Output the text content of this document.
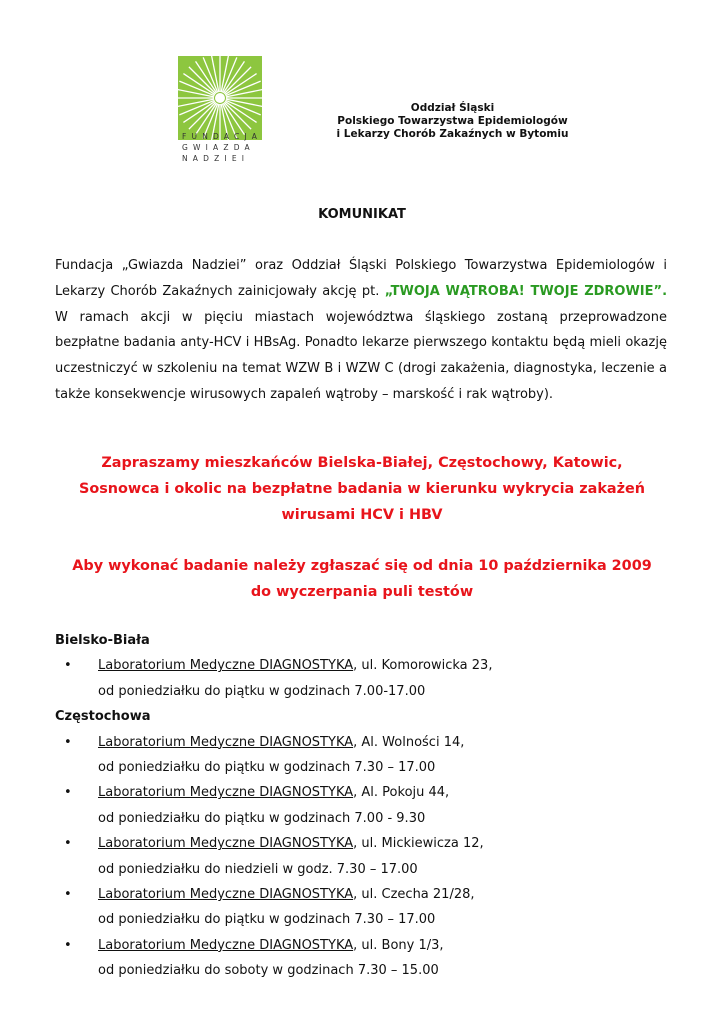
FUNDACJA
GWIAZDA
NADZIEI
Oddział Śląski
Polskiego Towarzystwa Epidemiologów
i Lekarzy Chorób Zakaźnych w Bytomiu
KOMUNIKAT
Fundacja „Gwiazda Nadziei” oraz Oddział Śląski Polskiego Towarzystwa Epidemiologów i Lekarzy Chorób Zakaźnych zainicjowały akcję pt. „TWOJA WĄTROBA! TWOJE ZDROWIE”. W ramach akcji w pięciu miastach województwa śląskiego zostaną przeprowadzone bezpłatne badania anty-HCV i HBsAg. Ponadto lekarze pierwszego kontaktu będą mieli okazję uczestniczyć w szkoleniu na temat WZW B i WZW C (drogi zakażenia, diagnostyka, leczenie a także konsekwencje wirusowych zapaleń wątroby – marskość i rak wątroby).
Zapraszamy mieszkańców Bielska-Białej, Częstochowy, Katowic, Sosnowca i okolic na bezpłatne badania w kierunku wykrycia zakażeń wirusami HCV i HBV
Aby wykonać badanie należy zgłaszać się od dnia 10 października 2009
do wyczerpania puli testów
Bielsko-Biała
• Laboratorium Medyczne DIAGNOSTYKA, ul. Komorowicka 23,
od poniedziałku do piątku w godzinach 7.00-17.00
Częstochowa
• Laboratorium Medyczne DIAGNOSTYKA, Al. Wolności 14,
od poniedziałku do piątku w godzinach 7.30 – 17.00
• Laboratorium Medyczne DIAGNOSTYKA, Al. Pokoju 44,
od poniedziałku do piątku w godzinach 7.00 - 9.30
• Laboratorium Medyczne DIAGNOSTYKA, ul. Mickiewicza 12,
od poniedziałku do niedzieli w godz. 7.30 – 17.00
• Laboratorium Medyczne DIAGNOSTYKA, ul. Czecha 21/28,
od poniedziałku do piątku w godzinach 7.30 – 17.00
• Laboratorium Medyczne DIAGNOSTYKA, ul. Bony 1/3,
od poniedziałku do soboty w godzinach 7.30 – 15.00
